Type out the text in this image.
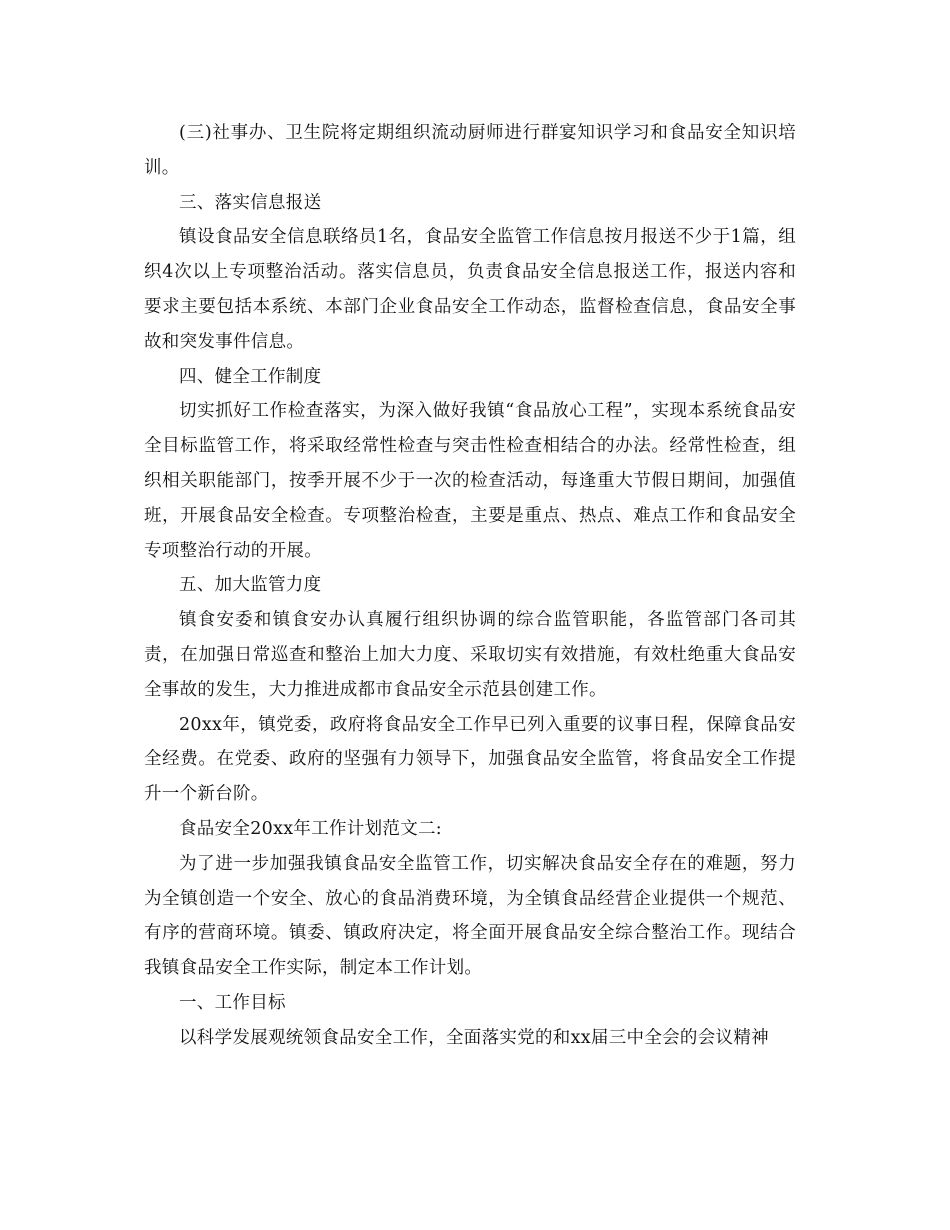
(三)社事办、卫生院将定期组织流动厨师进行群宴知识学习和食品安全知识培训。

三、落实信息报送

镇设食品安全信息联络员1名，食品安全监管工作信息按月报送不少于1篇，组织4次以上专项整治活动。落实信息员，负责食品安全信息报送工作，报送内容和要求主要包括本系统、本部门企业食品安全工作动态，监督检查信息，食品安全事故和突发事件信息。

四、健全工作制度

切实抓好工作检查落实，为深入做好我镇“食品放心工程”，实现本系统食品安全目标监管工作，将采取经常性检查与突击性检查相结合的办法。经常性检查，组织相关职能部门，按季开展不少于一次的检查活动，每逢重大节假日期间，加强值班，开展食品安全检查。专项整治检查，主要是重点、热点、难点工作和食品安全专项整治行动的开展。

五、加大监管力度

镇食安委和镇食安办认真履行组织协调的综合监管职能，各监管部门各司其责，在加强日常巡查和整治上加大力度、采取切实有效措施，有效杜绝重大食品安全事故的发生，大力推进成都市食品安全示范县创建工作。

20xx年，镇党委，政府将食品安全工作早已列入重要的议事日程，保障食品安全经费。在党委、政府的坚强有力领导下，加强食品安全监管，将食品安全工作提升一个新台阶。

食品安全20xx年工作计划范文二:

为了进一步加强我镇食品安全监管工作，切实解决食品安全存在的难题，努力为全镇创造一个安全、放心的食品消费环境，为全镇食品经营企业提供一个规范、有序的营商环境。镇委、镇政府决定，将全面开展食品安全综合整治工作。现结合我镇食品安全工作实际，制定本工作计划。

一、工作目标

以科学发展观统领食品安全工作，全面落实党的和xx届三中全会的会议精神
